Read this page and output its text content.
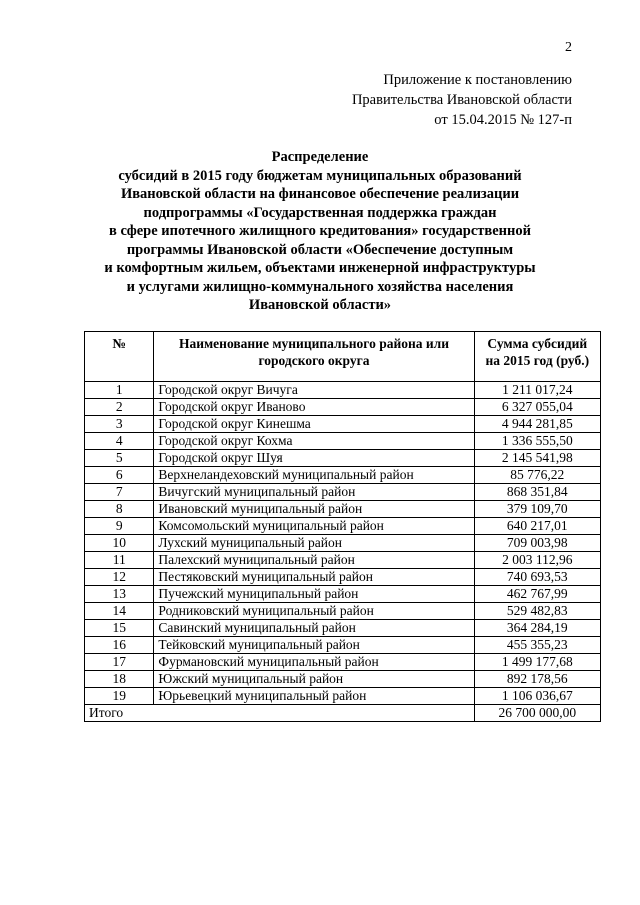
2
Приложение к постановлению
Правительства Ивановской области
от 15.04.2015 № 127-п
Распределение
субсидий в 2015 году бюджетам муниципальных образований
Ивановской области на финансовое обеспечение реализации
подпрограммы «Государственная поддержка граждан
в сфере ипотечного жилищного кредитования» государственной
программы Ивановской области «Обеспечение доступным
и комфортным жильем, объектами инженерной инфраструктуры
и услугами жилищно-коммунального хозяйства населения
Ивановской области»
№	Наименование муниципального района или городского округа	Сумма субсидий на 2015 год (руб.)
1	Городской округ Вичуга	1 211 017,24
2	Городской округ Иваново	6 327 055,04
3	Городской округ Кинешма	4 944 281,85
4	Городской округ Кохма	1 336 555,50
5	Городской округ Шуя	2 145 541,98
6	Верхнеландеховский муниципальный район	85 776,22
7	Вичугский муниципальный район	868 351,84
8	Ивановский муниципальный район	379 109,70
9	Комсомольский муниципальный район	640 217,01
10	Лухский муниципальный район	709 003,98
11	Палехский муниципальный район	2 003 112,96
12	Пестяковский муниципальный район	740 693,53
13	Пучежский муниципальный район	462 767,99
14	Родниковский муниципальный район	529 482,83
15	Савинский муниципальный район	364 284,19
16	Тейковский муниципальный район	455 355,23
17	Фурмановский муниципальный район	1 499 177,68
18	Южский муниципальный район	892 178,56
19	Юрьевецкий муниципальный район	1 106 036,67
Итого		26 700 000,00
